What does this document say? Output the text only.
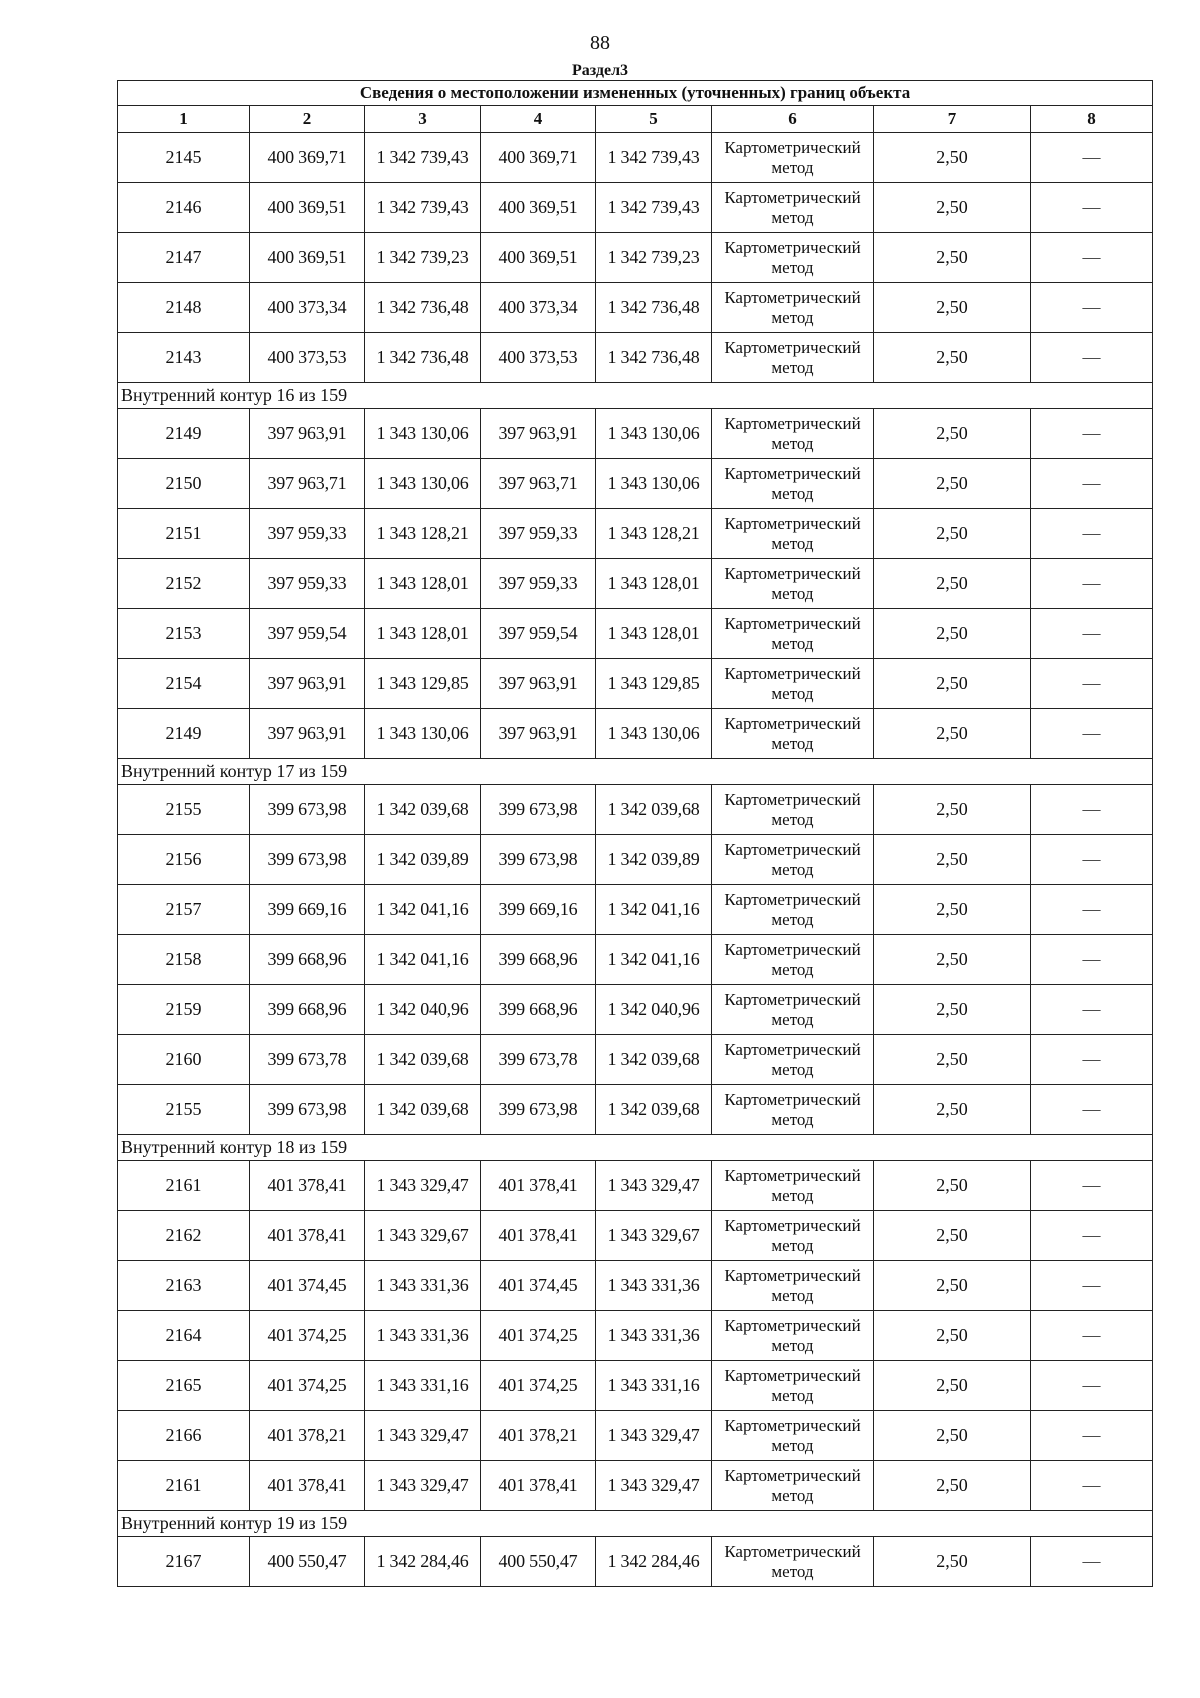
88
Раздел3
Сведения о местоположении измененных (уточненных) границ объекта							
1	2	3	4	5	6	7	8
2145	400 369,71	1 342 739,43	400 369,71	1 342 739,43	Картометрический метод	2,50	—
2146	400 369,51	1 342 739,43	400 369,51	1 342 739,43	Картометрический метод	2,50	—
2147	400 369,51	1 342 739,23	400 369,51	1 342 739,23	Картометрический метод	2,50	—
2148	400 373,34	1 342 736,48	400 373,34	1 342 736,48	Картометрический метод	2,50	—
2143	400 373,53	1 342 736,48	400 373,53	1 342 736,48	Картометрический метод	2,50	—
Внутренний контур 16 из 159							
2149	397 963,91	1 343 130,06	397 963,91	1 343 130,06	Картометрический метод	2,50	—
2150	397 963,71	1 343 130,06	397 963,71	1 343 130,06	Картометрический метод	2,50	—
2151	397 959,33	1 343 128,21	397 959,33	1 343 128,21	Картометрический метод	2,50	—
2152	397 959,33	1 343 128,01	397 959,33	1 343 128,01	Картометрический метод	2,50	—
2153	397 959,54	1 343 128,01	397 959,54	1 343 128,01	Картометрический метод	2,50	—
2154	397 963,91	1 343 129,85	397 963,91	1 343 129,85	Картометрический метод	2,50	—
2149	397 963,91	1 343 130,06	397 963,91	1 343 130,06	Картометрический метод	2,50	—
Внутренний контур 17 из 159							
2155	399 673,98	1 342 039,68	399 673,98	1 342 039,68	Картометрический метод	2,50	—
2156	399 673,98	1 342 039,89	399 673,98	1 342 039,89	Картометрический метод	2,50	—
2157	399 669,16	1 342 041,16	399 669,16	1 342 041,16	Картометрический метод	2,50	—
2158	399 668,96	1 342 041,16	399 668,96	1 342 041,16	Картометрический метод	2,50	—
2159	399 668,96	1 342 040,96	399 668,96	1 342 040,96	Картометрический метод	2,50	—
2160	399 673,78	1 342 039,68	399 673,78	1 342 039,68	Картометрический метод	2,50	—
2155	399 673,98	1 342 039,68	399 673,98	1 342 039,68	Картометрический метод	2,50	—
Внутренний контур 18 из 159							
2161	401 378,41	1 343 329,47	401 378,41	1 343 329,47	Картометрический метод	2,50	—
2162	401 378,41	1 343 329,67	401 378,41	1 343 329,67	Картометрический метод	2,50	—
2163	401 374,45	1 343 331,36	401 374,45	1 343 331,36	Картометрический метод	2,50	—
2164	401 374,25	1 343 331,36	401 374,25	1 343 331,36	Картометрический метод	2,50	—
2165	401 374,25	1 343 331,16	401 374,25	1 343 331,16	Картометрический метод	2,50	—
2166	401 378,21	1 343 329,47	401 378,21	1 343 329,47	Картометрический метод	2,50	—
2161	401 378,41	1 343 329,47	401 378,41	1 343 329,47	Картометрический метод	2,50	—
Внутренний контур 19 из 159							
2167	400 550,47	1 342 284,46	400 550,47	1 342 284,46	Картометрический метод	2,50	—
